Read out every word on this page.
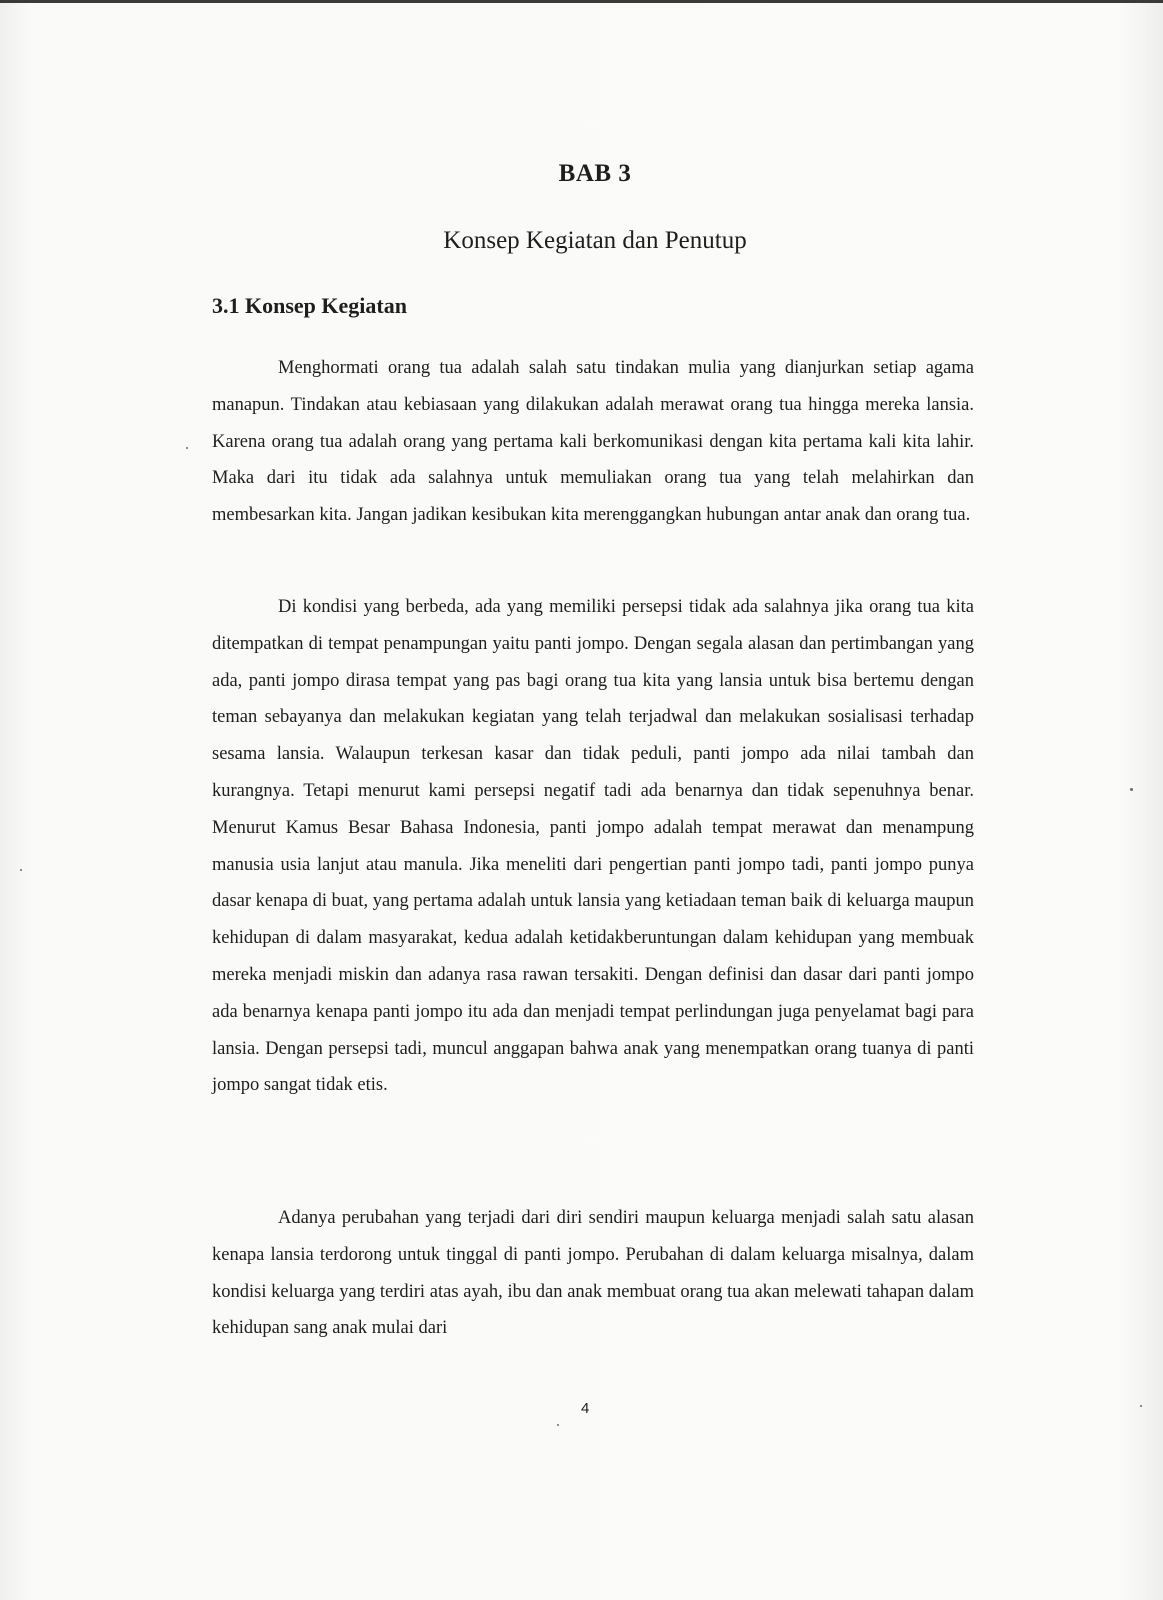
BAB 3
Konsep Kegiatan dan Penutup
3.1 Konsep Kegiatan

Menghormati orang tua adalah salah satu tindakan mulia yang dianjurkan setiap agama manapun. Tindakan atau kebiasaan yang dilakukan adalah merawat orang tua hingga mereka lansia. Karena orang tua adalah orang yang pertama kali berkomunikasi dengan kita pertama kali kita lahir. Maka dari itu tidak ada salahnya untuk memuliakan orang tua yang telah melahirkan dan membesarkan kita. Jangan jadikan kesibukan kita merenggangkan hubungan antar anak dan orang tua.

Di kondisi yang berbeda, ada yang memiliki persepsi tidak ada salahnya jika orang tua kita ditempatkan di tempat penampungan yaitu panti jompo. Dengan segala alasan dan pertimbangan yang ada, panti jompo dirasa tempat yang pas bagi orang tua kita yang lansia untuk bisa bertemu dengan teman sebayanya dan melakukan kegiatan yang telah terjadwal dan melakukan sosialisasi terhadap sesama lansia. Walaupun terkesan kasar dan tidak peduli, panti jompo ada nilai tambah dan kurangnya. Tetapi menurut kami persepsi negatif tadi ada benarnya dan tidak sepenuhnya benar. Menurut Kamus Besar Bahasa Indonesia, panti jompo adalah tempat merawat dan menampung manusia usia lanjut atau manula. Jika meneliti dari pengertian panti jompo tadi, panti jompo punya dasar kenapa di buat, yang pertama adalah untuk lansia yang ketiadaan teman baik di keluarga maupun kehidupan di dalam masyarakat, kedua adalah ketidakberuntungan dalam kehidupan yang membuak mereka menjadi miskin dan adanya rasa rawan tersakiti. Dengan definisi dan dasar dari panti jompo ada benarnya kenapa panti jompo itu ada dan menjadi tempat perlindungan juga penyelamat bagi para lansia. Dengan persepsi tadi, muncul anggapan bahwa anak yang menempatkan orang tuanya di panti jompo sangat tidak etis.

Adanya perubahan yang terjadi dari diri sendiri maupun keluarga menjadi salah satu alasan kenapa lansia terdorong untuk tinggal di panti jompo. Perubahan di dalam keluarga misalnya, dalam kondisi keluarga yang terdiri atas ayah, ibu dan anak membuat orang tua akan melewati tahapan dalam kehidupan sang anak mulai dari

4
